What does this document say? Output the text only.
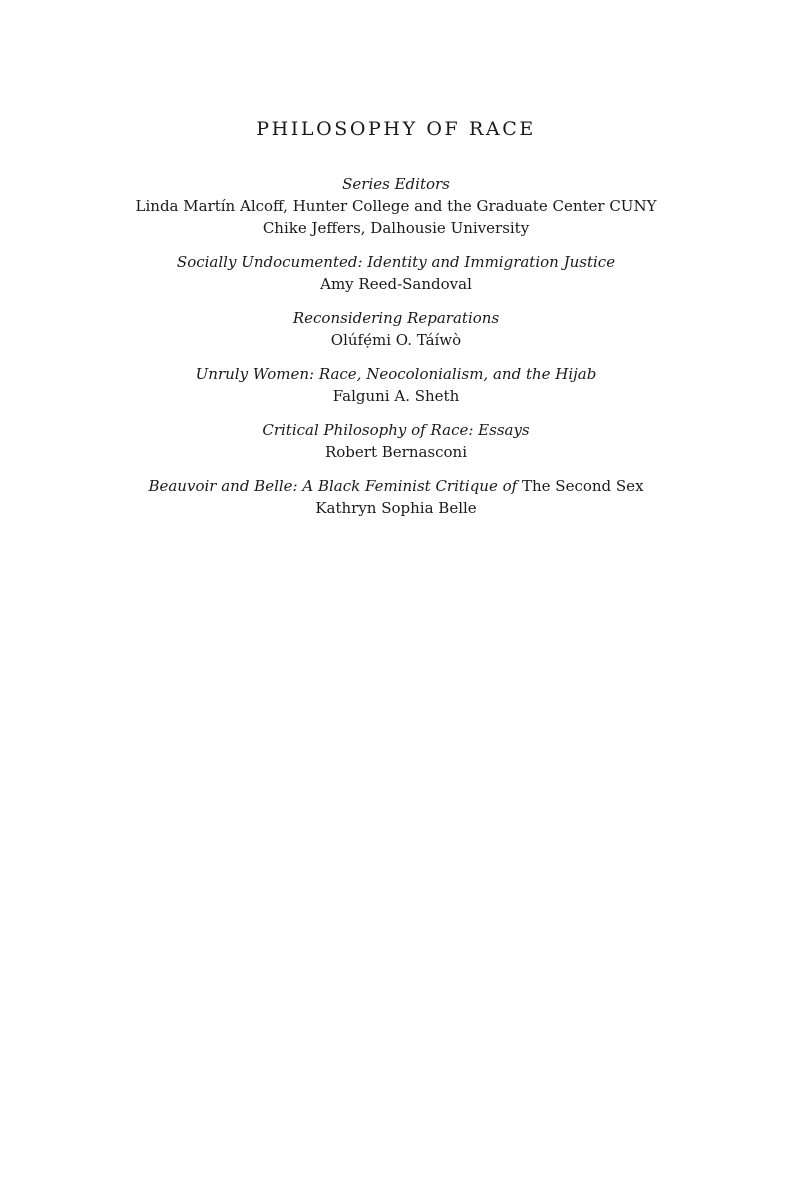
PHILOSOPHY OF RACE
Series Editors
Linda Martín Alcoff, Hunter College and the Graduate Center CUNY
Chike Jeffers, Dalhousie University
Socially Undocumented: Identity and Immigration Justice
Amy Reed-Sandoval
Reconsidering Reparations
Olúfẹ́mi O. Táíwò
Unruly Women: Race, Neocolonialism, and the Hijab
Falguni A. Sheth
Critical Philosophy of Race: Essays
Robert Bernasconi
Beauvoir and Belle: A Black Feminist Critique of The Second Sex
Kathryn Sophia Belle
